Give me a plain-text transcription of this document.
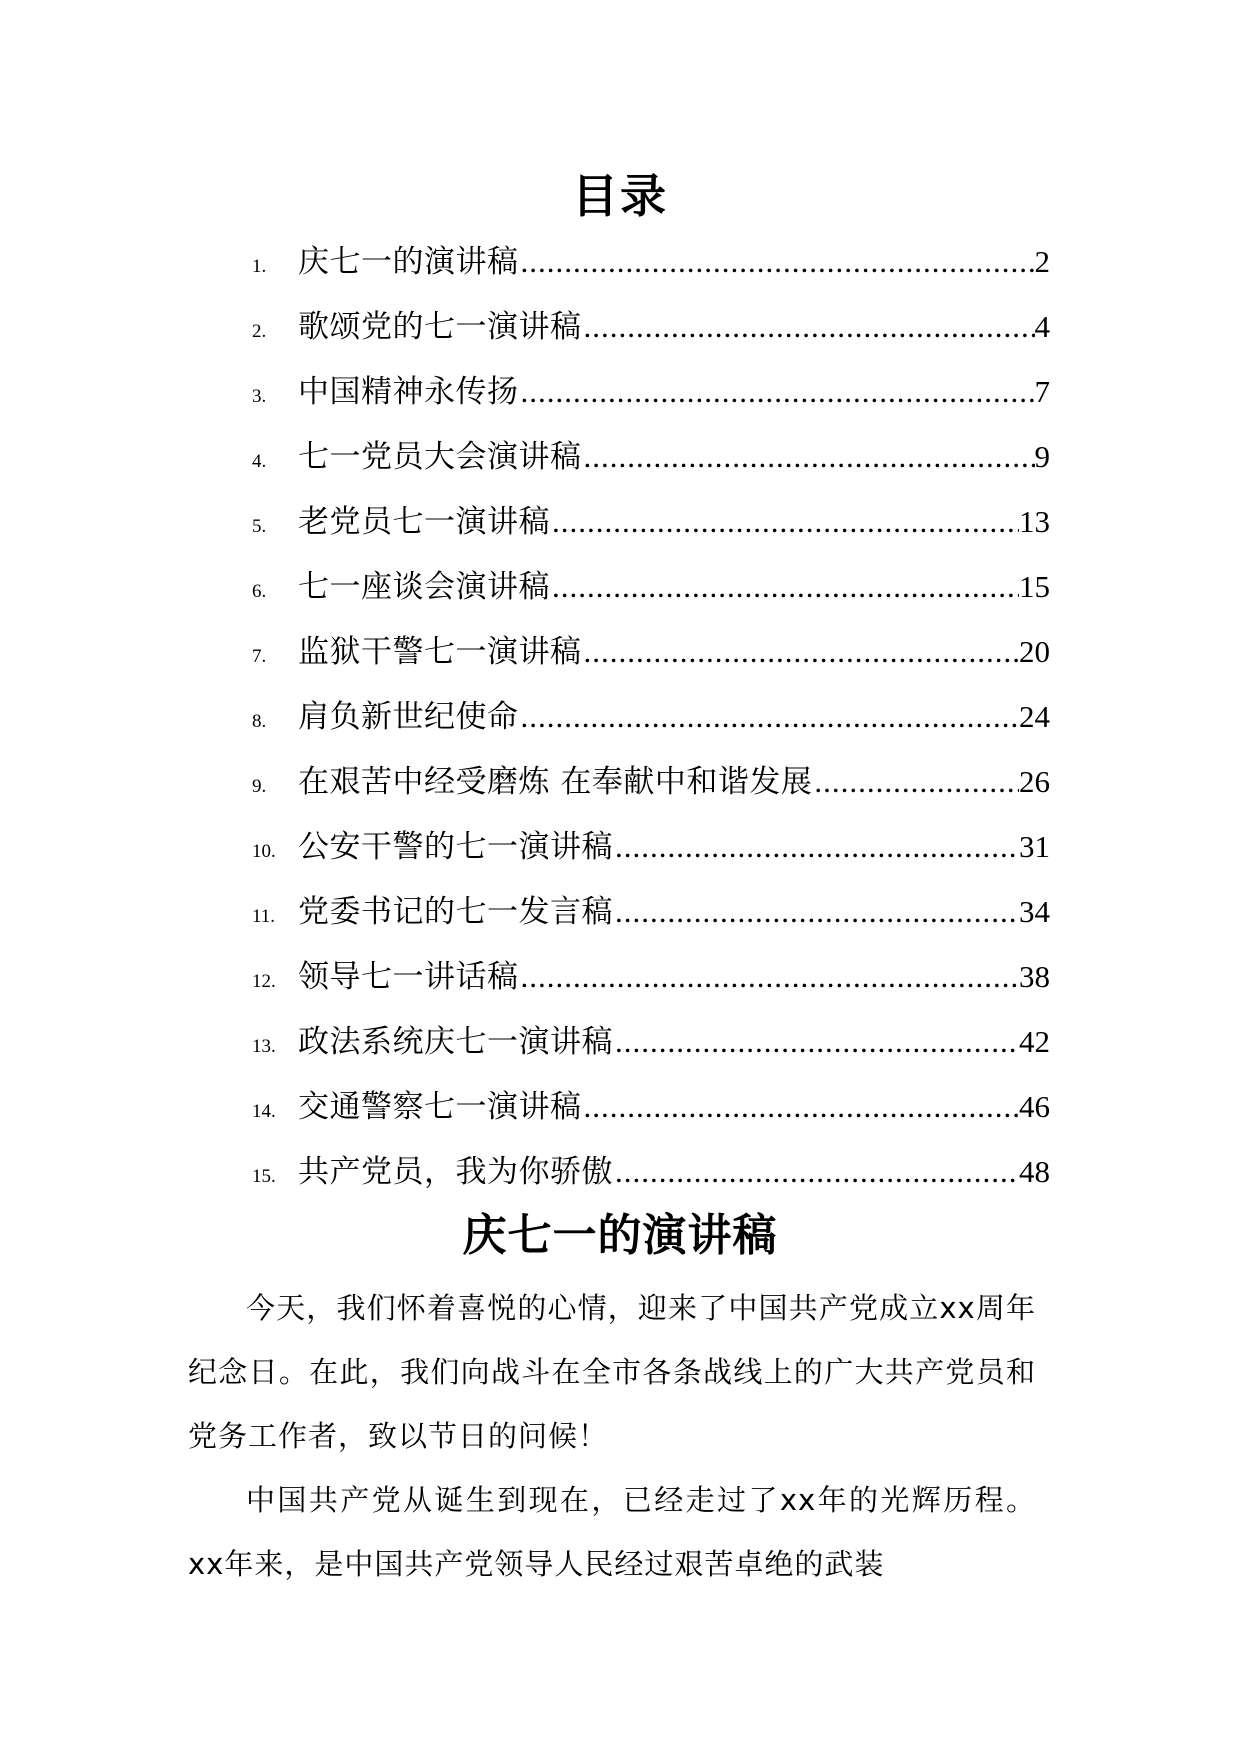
目录
1.	庆七一的演讲稿 .....	2
2.	歌颂党的七一演讲稿 .....	4
3.	中国精神永传扬 .....	7
4.	七一党员大会演讲稿 .....	9
5.	老党员七一演讲稿 .....	13
6.	七一座谈会演讲稿 .....	15
7.	监狱干警七一演讲稿 .....	20
8.	肩负新世纪使命 .....	24
9.	在艰苦中经受磨炼 在奉献中和谐发展 .....	26
10. 公安干警的七一演讲稿 .....	31
11. 党委书记的七一发言稿 .....	34
12. 领导七一讲话稿 .....	38
13. 政法系统庆七一演讲稿 .....	42
14. 交通警察七一演讲稿 .....	46
15. 共产党员，我为你骄傲 .....	48
庆七一的演讲稿

今天，我们怀着喜悦的心情，迎来了中国共产党成立xx周年纪念日。在此，我们向战斗在全市各条战线上的广大共产党员和党务工作者，致以节日的问候！

中国共产党从诞生到现在，已经走过了xx年的光辉历程。xx年来，是中国共产党领导人民经过艰苦卓绝的武装
